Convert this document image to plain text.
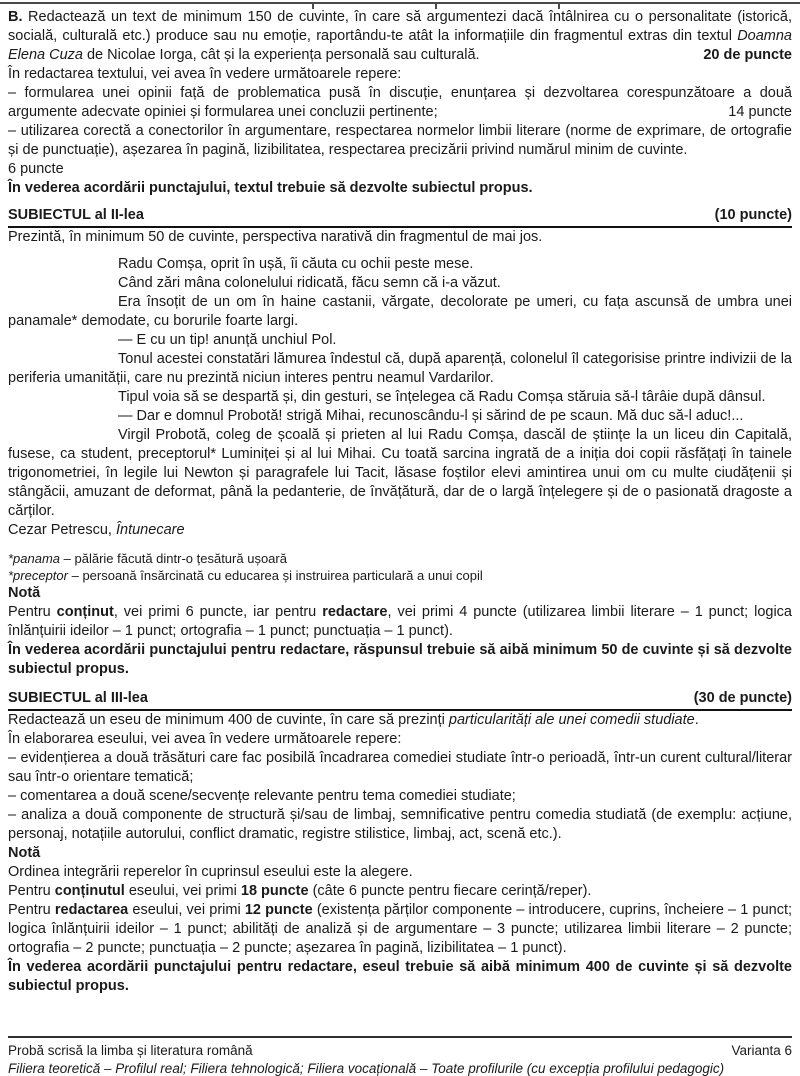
B. Redactează un text de minimum 150 de cuvinte, în care să argumentezi dacă întâlnirea cu o personalitate (istorică, socială, culturală etc.) produce sau nu emoție, raportându-te atât la informațiile din fragmentul extras din textul Doamna Elena Cuza de Nicolae Iorga, cât și la experiența personală sau culturală.	20 de puncte

În redactarea textului, vei avea în vedere următoarele repere:

– formularea unei opinii față de problematica pusă în discuție, enunțarea și dezvoltarea corespunzătoare a două argumente adecvate opiniei și formularea unei concluzii pertinente;	14 puncte

– utilizarea corectă a conectorilor în argumentare, respectarea normelor limbii literare (norme de exprimare, de ortografie și de punctuație), așezarea în pagină, lizibilitatea, respectarea precizării privind numărul minim de cuvinte.

6 puncte

În vederea acordării punctajului, textul trebuie să dezvolte subiectul propus.

SUBIECTUL al II-lea	(10 puncte)

Prezintă, în minimum 50 de cuvinte, perspectiva narativă din fragmentul de mai jos.

Radu Comșa, oprit în ușă, îi căuta cu ochii peste mese.

Când zări mâna colonelului ridicată, făcu semn că i-a văzut.

Era însoțit de un om în haine castanii, vărgate, decolorate pe umeri, cu fața ascunsă de umbra unei panamale* demodate, cu borurile foarte largi.

— E cu un tip! anunță unchiul Pol.

Tonul acestei constatări lămurea îndestul că, după aparență, colonelul îl categorisise printre indivizii de la periferia umanității, care nu prezintă niciun interes pentru neamul Vardarilor.

Tipul voia să se despartă și, din gesturi, se înțelegea că Radu Comșa stăruia să-l târâie după dânsul.

— Dar e domnul Probotă! strigă Mihai, recunoscându-l și sărind de pe scaun. Mă duc să-l aduc!...

Virgil Probotă, coleg de școală și prieten al lui Radu Comșa, dascăl de științe la un liceu din Capitală, fusese, ca student, preceptorul* Luminiței și al lui Mihai. Cu toată sarcina ingrată de a iniția doi copii răsfățați în tainele trigonometriei, în legile lui Newton și paragrafele lui Tacit, lăsase foștilor elevi amintirea unui om cu multe ciudățenii și stângăcii, amuzant de deformat, până la pedanterie, de învățătură, dar de o largă înțelegere și de o pasionată dragoste a cărților.

Cezar Petrescu, Întunecare

*panama – pălărie făcută dintr-o țesătură ușoară

*preceptor – persoană însărcinată cu educarea și instruirea particulară a unui copil

Notă

Pentru conținut, vei primi 6 puncte, iar pentru redactare, vei primi 4 puncte (utilizarea limbii literare – 1 punct; logica înlănțuirii ideilor – 1 punct; ortografia – 1 punct; punctuația – 1 punct).

În vederea acordării punctajului pentru redactare, răspunsul trebuie să aibă minimum 50 de cuvinte și să dezvolte subiectul propus.

SUBIECTUL al III-lea	(30 de puncte)

Redactează un eseu de minimum 400 de cuvinte, în care să prezinți particularități ale unei comedii studiate.

În elaborarea eseului, vei avea în vedere următoarele repere:

– evidențierea a două trăsături care fac posibilă încadrarea comediei studiate într-o perioadă, într-un curent cultural/literar sau într-o orientare tematică;

– comentarea a două scene/secvențe relevante pentru tema comediei studiate;

– analiza a două componente de structură și/sau de limbaj, semnificative pentru comedia studiată (de exemplu: acțiune, personaj, notațiile autorului, conflict dramatic, registre stilistice, limbaj, act, scenă etc.).

Notă

Ordinea integrării reperelor în cuprinsul eseului este la alegere.

Pentru conținutul eseului, vei primi 18 puncte (câte 6 puncte pentru fiecare cerință/reper).

Pentru redactarea eseului, vei primi 12 puncte (existența părților componente – introducere, cuprins, încheiere – 1 punct; logica înlănțuirii ideilor – 1 punct; abilități de analiză și de argumentare – 3 puncte; utilizarea limbii literare – 2 puncte; ortografia – 2 puncte; punctuația – 2 puncte; așezarea în pagină, lizibilitatea – 1 punct).

În vederea acordării punctajului pentru redactare, eseul trebuie să aibă minimum 400 de cuvinte și să dezvolte subiectul propus.

Probă scrisă la limba și literatura română	Varianta 6
Filiera teoretică – Profilul real; Filiera tehnologică; Filiera vocațională – Toate profilurile (cu excepția profilului pedagogic)
